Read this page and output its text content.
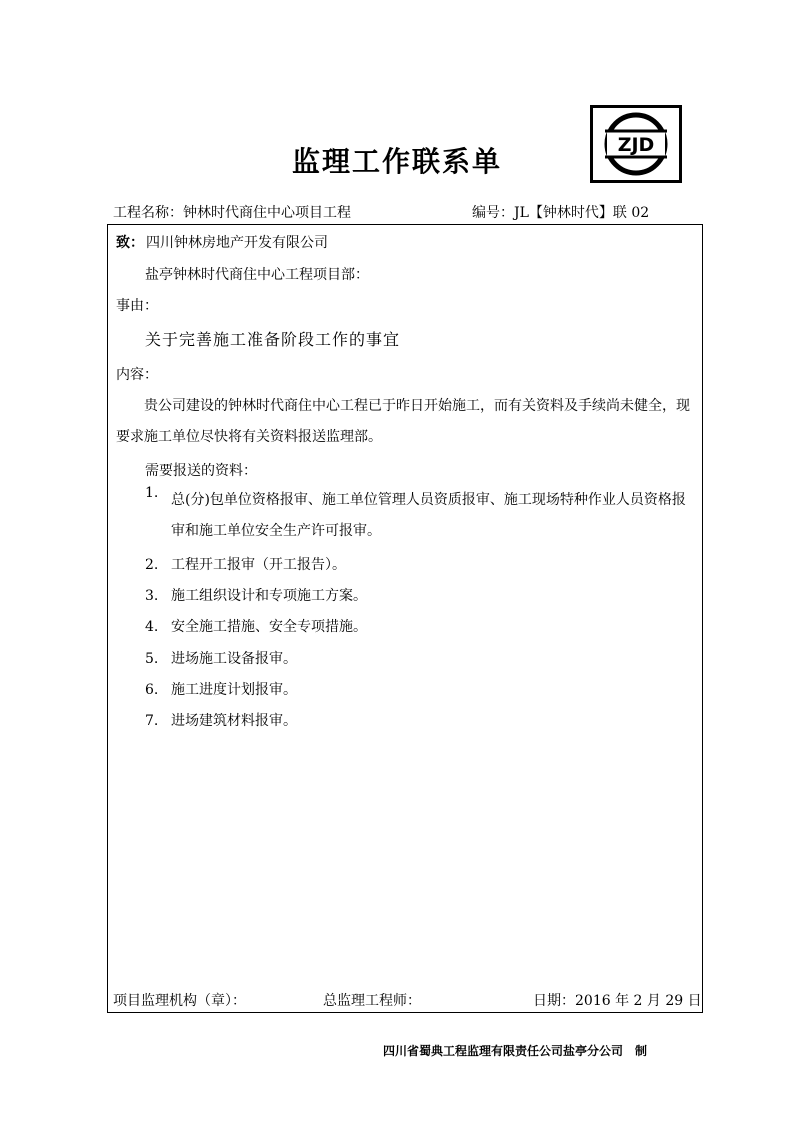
ZJD
监理工作联系单
工程名称：钟林时代商住中心项目工程	编号：JL【钟林时代】联 02
致： 四川钟林房地产开发有限公司
盐亭钟林时代商住中心工程项目部：
事由：
关于完善施工准备阶段工作的事宜
内容：
贵公司建设的钟林时代商住中心工程已于昨日开始施工，而有关资料及手续尚未健全，现要求施工单位尽快将有关资料报送监理部。
需要报送的资料：
1. 总(分)包单位资格报审、施工单位管理人员资质报审、施工现场特种作业人员资格报审和施工单位安全生产许可报审。
2. 工程开工报审（开工报告）。
3. 施工组织设计和专项施工方案。
4. 安全施工措施、安全专项措施。
5. 进场施工设备报审。
6. 施工进度计划报审。
7. 进场建筑材料报审。
项目监理机构（章）：	总监理工程师：	日期：2016 年 2 月 29 日
四川省蜀典工程监理有限责任公司盐亭分公司　制
